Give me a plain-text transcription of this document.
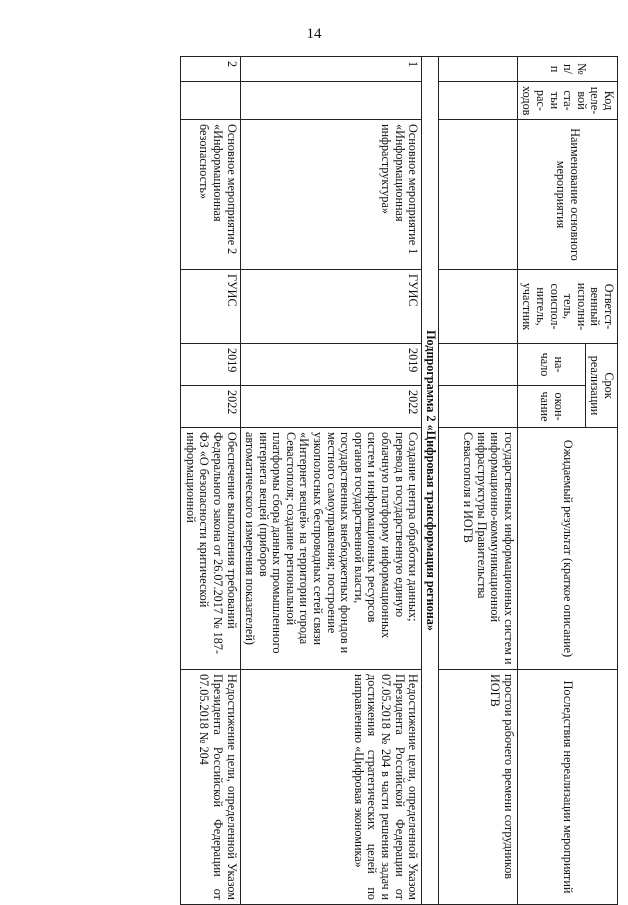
14
№ п/п	Код целе- вой ста- тьи рас- ходов	Наименование основного мероприятия	Ответст- венный исполни- тель, соиспол- нитель, участник	Срок реализации		Ожидаемый результат (краткое описание)	Последствия нереализации мероприятий
				на- чало	окон- чание		
						государственных информационных систем и информационно-коммуникационной инфраструктуры Правительства Севастополя и ИОГВ	простои рабочего времени сотрудников ИОГВ
Подпрограмма 2 «Цифровая трансформация региона»							
1		Основное мероприятие 1 «Информационная инфраструктура»	ГУИС	2019	2022	Создание центра обработки данных; перевод в государственную единую облачную платформу информационных систем и информационных ресурсов органов государственной власти, государственных внебюджетных фондов и местного самоуправления; построение узкополосных беспроводных сетей связи «Интернет вещей» на территории города Севастополя; создание региональной платформы сбора данных промышленного интернета вещей (приборов автоматического измерения показателей)	Недостижение цели, определенной Указом Президента Российской Федерации от 07.05.2018 № 204 в части решения задач и достижения стратегических целей по направлению «Цифровая экономика»
2		Основное мероприятие 2 «Информационная безопасность»	ГУИС	2019	2022	Обеспечение выполнения требований Федерального закона от 26.07.2017 № 187-ФЗ «О безопасности критической информационной	Недостижение цели, определенной Указом Президента Российской Федерации от 07.05.2018 № 204
